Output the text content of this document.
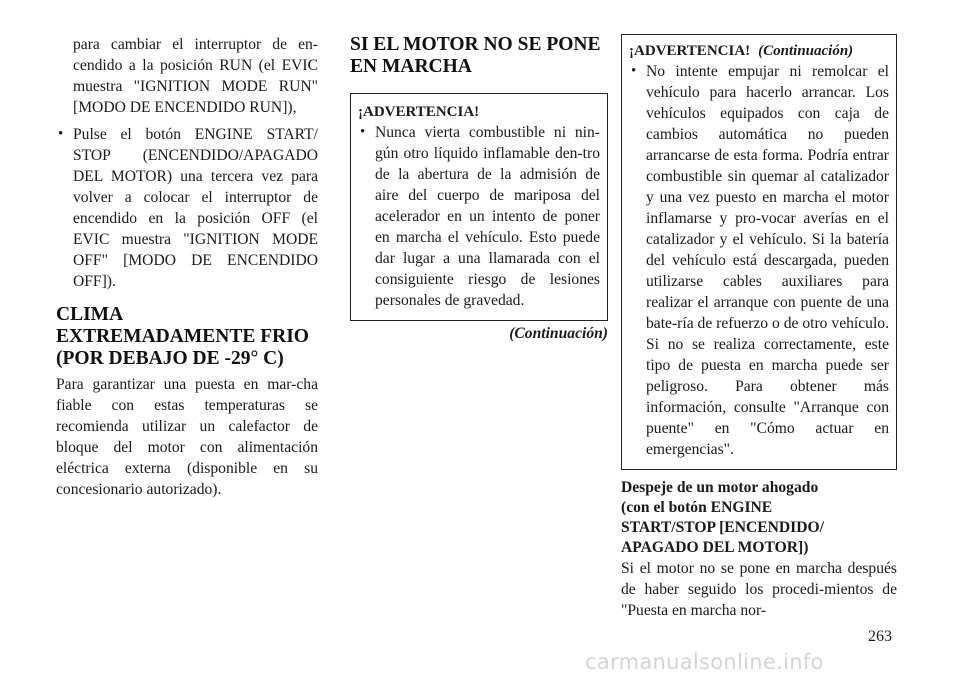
para cambiar el interruptor de en-cendido a la posición RUN (el EVIC muestra "IGNITION MODE RUN" [MODO DE ENCENDIDO RUN]),

• Pulse el botón ENGINE START/ STOP (ENCENDIDO/APAGADO DEL MOTOR) una tercera vez para volver a colocar el interruptor de encendido en la posición OFF (el EVIC muestra "IGNITION MODE OFF" [MODO DE ENCENDIDO OFF]).

CLIMA
EXTREMADAMENTE FRIO
(POR DEBAJO DE -29° C)

Para garantizar una puesta en mar-cha fiable con estas temperaturas se recomienda utilizar un calefactor de bloque del motor con alimentación eléctrica externa (disponible en su concesionario autorizado).

SI EL MOTOR NO SE PONE
EN MARCHA
¡ADVERTENCIA!

• Nunca vierta combustible ni nin-gún otro líquido inflamable den-tro de la abertura de la admisión de aire del cuerpo de mariposa del acelerador en un intento de poner en marcha el vehículo. Esto puede dar lugar a una llamarada con el consiguiente riesgo de lesiones personales de gravedad.

(Continuación)
¡ADVERTENCIA! (Continuación)

• No intente empujar ni remolcar el vehículo para hacerlo arrancar. Los vehículos equipados con caja de cambios automática no pueden arrancarse de esta forma. Podría entrar combustible sin quemar al catalizador y una vez puesto en marcha el motor inflamarse y pro-vocar averías en el catalizador y el vehículo. Si la batería del vehículo está descargada, pueden utilizarse cables auxiliares para realizar el arranque con puente de una bate-ría de refuerzo o de otro vehículo. Si no se realiza correctamente, este tipo de puesta en marcha puede ser peligroso. Para obtener más información, consulte "Arranque con puente" en "Cómo actuar en emergencias".

Despeje de un motor ahogado
(con el botón ENGINE
START/STOP [ENCENDIDO/
APAGADO DEL MOTOR])

Si el motor no se pone en marcha después de haber seguido los procedi-mientos de "Puesta en marcha nor-

263
carmanualsonline.info
